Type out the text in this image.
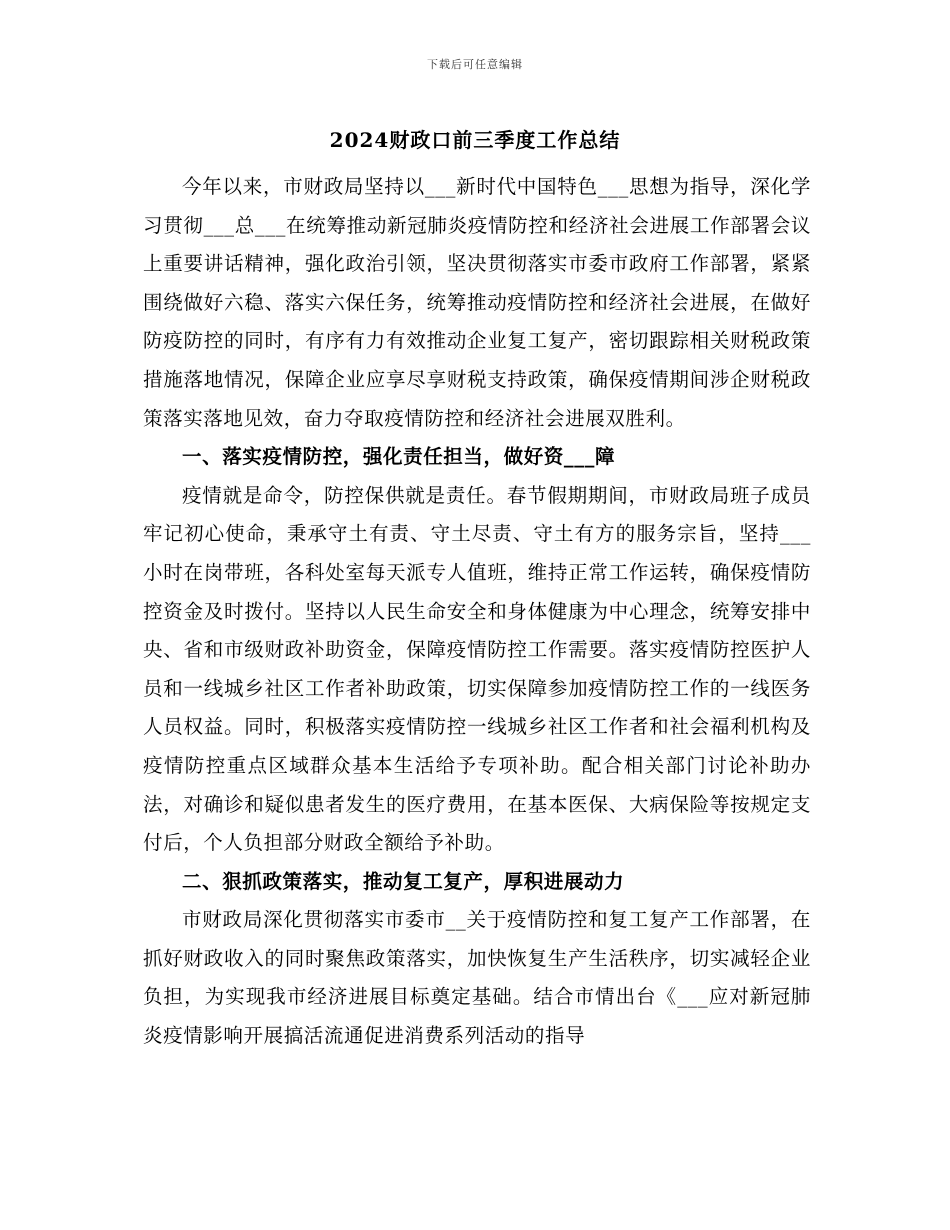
下载后可任意编辑
2024财政口前三季度工作总结

今年以来，市财政局坚持以___新时代中国特色___思想为指导，深化学习贯彻___总___在统筹推动新冠肺炎疫情防控和经济社会进展工作部署会议上重要讲话精神，强化政治引领，坚决贯彻落实市委市政府工作部署，紧紧围绕做好六稳、落实六保任务，统筹推动疫情防控和经济社会进展，在做好防疫防控的同时，有序有力有效推动企业复工复产，密切跟踪相关财税政策措施落地情况，保障企业应享尽享财税支持政策，确保疫情期间涉企财税政策落实落地见效，奋力夺取疫情防控和经济社会进展双胜利。

一、落实疫情防控，强化责任担当，做好资___障

疫情就是命令，防控保供就是责任。春节假期期间，市财政局班子成员牢记初心使命，秉承守土有责、守土尽责、守土有方的服务宗旨，坚持___小时在岗带班，各科处室每天派专人值班，维持正常工作运转，确保疫情防控资金及时拨付。坚持以人民生命安全和身体健康为中心理念，统筹安排中央、省和市级财政补助资金，保障疫情防控工作需要。落实疫情防控医护人员和一线城乡社区工作者补助政策，切实保障参加疫情防控工作的一线医务人员权益。同时，积极落实疫情防控一线城乡社区工作者和社会福利机构及疫情防控重点区域群众基本生活给予专项补助。配合相关部门讨论补助办法，对确诊和疑似患者发生的医疗费用，在基本医保、大病保险等按规定支付后，个人负担部分财政全额给予补助。

二、狠抓政策落实，推动复工复产，厚积进展动力

市财政局深化贯彻落实市委市__关于疫情防控和复工复产工作部署，在抓好财政收入的同时聚焦政策落实，加快恢复生产生活秩序，切实减轻企业负担，为实现我市经济进展目标奠定基础。结合市情出台《___应对新冠肺炎疫情影响开展搞活流通促进消费系列活动的指导
